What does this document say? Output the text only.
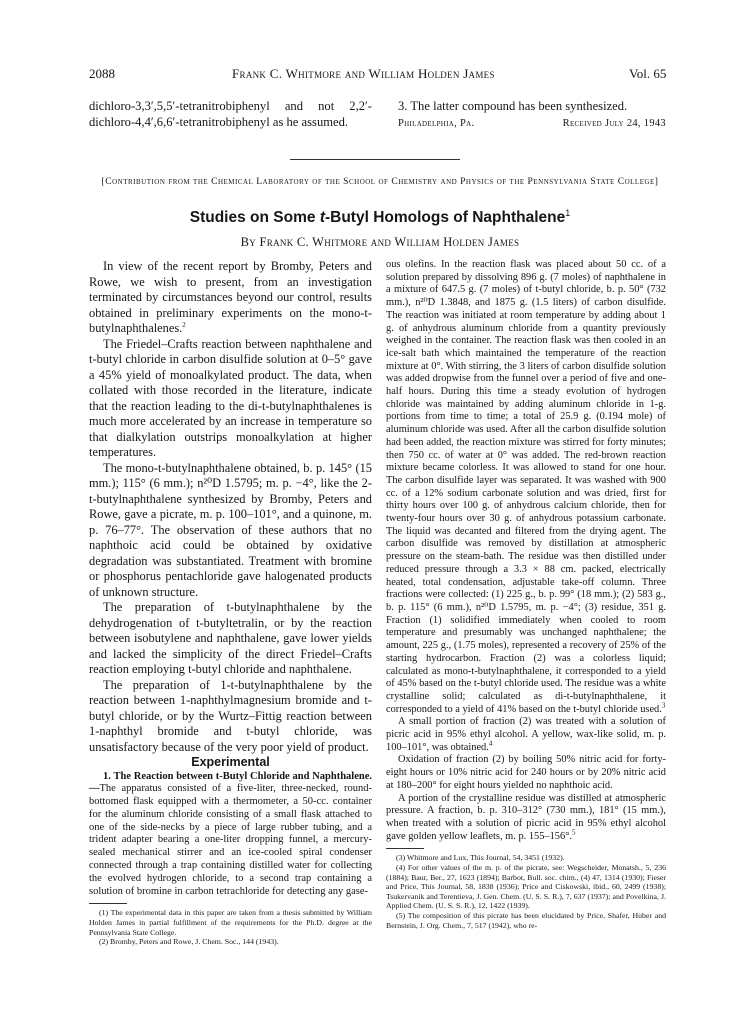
2088	Frank C. Whitmore and William Holden James	Vol. 65

dichloro-3,3′,5,5′-tetranitrobiphenyl and not 2,2′-dichloro-4,4′,6,6′-tetranitrobiphenyl as he assumed.

3. The latter compound has been synthesized.

Philadelphia, Pa.	Received July 24, 1943
[Contribution from the Chemical Laboratory of the School of Chemistry and Physics of the Pennsylvania State College]
Studies on Some t-Butyl Homologs of Naphthalene$^1$
By Frank C. Whitmore and William Holden James

In view of the recent report by Bromby, Peters and Rowe, we wish to present, from an investigation terminated by circumstances beyond our control, results obtained in preliminary experiments on the mono-t-butylnaphthalenes.$^2$

The Friedel–Crafts reaction between naphthalene and t-butyl chloride in carbon disulfide solution at 0–5° gave a 45% yield of monoalkylated product. The data, when collated with those recorded in the literature, indicate that the reaction leading to the di-t-butylnaphthalenes is much more accelerated by an increase in temperature so that dialkylation outstrips monoalkylation at higher temperatures.

The mono-t-butylnaphthalene obtained, b. p. 145° (15 mm.); 115° (6 mm.); n²⁰D 1.5795; m. p. −4°, like the 2-t-butylnaphthalene synthesized by Bromby, Peters and Rowe, gave a picrate, m. p. 100–101°, and a quinone, m. p. 76–77°. The observation of these authors that no naphthoic acid could be obtained by oxidative degradation was substantiated. Treatment with bromine or phosphorus pentachloride gave halogenated products of unknown structure.

The preparation of t-butylnaphthalene by the dehydrogenation of t-butyltetralin, or by the reaction between isobutylene and naphthalene, gave lower yields and lacked the simplicity of the direct Friedel–Crafts reaction employing t-butyl chloride and naphthalene.

The preparation of 1-t-butylnaphthalene by the reaction between 1-naphthylmagnesium bromide and t-butyl chloride, or by the Wurtz–Fittig reaction between 1-naphthyl bromide and t-butyl chloride, was unsatisfactory because of the very poor yield of product.

Experimental

1. The Reaction between t-Butyl Chloride and Naphthalene.—The apparatus consisted of a five-liter, three-necked, round-bottomed flask equipped with a thermometer, a 50-cc. container for the aluminum chloride consisting of a small flask attached to one of the side-necks by a piece of large rubber tubing, and a trident adapter bearing a one-liter dropping funnel, a mercury-sealed mechanical stirrer and an ice-cooled spiral condenser connected through a trap containing distilled water for collecting the evolved hydrogen chloride, to a second trap containing a solution of bromine in carbon tetrachloride for detecting any gase-

(1) The experimental data in this paper are taken from a thesis submitted by William Holden James in partial fulfillment of the requirements for the Ph.D. degree at the Pennsylvania State College.

(2) Bromby, Peters and Rowe, J. Chem. Soc., 144 (1943).

ous olefins. In the reaction flask was placed about 50 cc. of a solution prepared by dissolving 896 g. (7 moles) of naphthalene in a mixture of 647.5 g. (7 moles) of t-butyl chloride, b. p. 50° (732 mm.), n²⁰D 1.3848, and 1875 g. (1.5 liters) of carbon disulfide. The reaction was initiated at room temperature by adding about 1 g. of anhydrous aluminum chloride from a quantity previously weighed in the container. The reaction flask was then cooled in an ice-salt bath which maintained the temperature of the reaction mixture at 0°. With stirring, the 3 liters of carbon disulfide solution was added dropwise from the funnel over a period of five and one-half hours. During this time a steady evolution of hydrogen chloride was maintained by adding aluminum chloride in 1-g. portions from time to time; a total of 25.9 g. (0.194 mole) of aluminum chloride was used. After all the carbon disulfide solution had been added, the reaction mixture was stirred for forty minutes; then 750 cc. of water at 0° was added. The red-brown reaction mixture became colorless. It was allowed to stand for one hour. The carbon disulfide layer was separated. It was washed with 900 cc. of a 12% sodium carbonate solution and was dried, first for thirty hours over 100 g. of anhydrous calcium chloride, then for twenty-four hours over 30 g. of anhydrous potassium carbonate. The liquid was decanted and filtered from the drying agent. The carbon disulfide was removed by distillation at atmospheric pressure on the steam-bath. The residue was then distilled under reduced pressure through a 3.3 × 88 cm. packed, electrically heated, total condensation, adjustable take-off column. Three fractions were collected: (1) 225 g., b. p. 99° (18 mm.); (2) 583 g., b. p. 115° (6 mm.), n²⁰D 1.5795, m. p. −4°; (3) residue, 351 g. Fraction (1) solidified immediately when cooled to room temperature and presumably was unchanged naphthalene; the amount, 225 g., (1.75 moles), represented a recovery of 25% of the starting hydrocarbon. Fraction (2) was a colorless liquid; calculated as mono-t-butylnaphthalene, it corresponded to a yield of 45% based on the t-butyl chloride used. The residue was a white crystalline solid; calculated as di-t-butylnaphthalene, it corresponded to a yield of 41% based on the t-butyl chloride used.$^3$

A small portion of fraction (2) was treated with a solution of picric acid in 95% ethyl alcohol. A yellow, wax-like solid, m. p. 100–101°, was obtained.$^4$

Oxidation of fraction (2) by boiling 50% nitric acid for forty-eight hours or 10% nitric acid for 240 hours or by 20% nitric acid at 180–200° for eight hours yielded no naphthoic acid.

A portion of the crystalline residue was distilled at atmospheric pressure. A fraction, b. p. 310–312° (730 mm.), 181° (15 mm.), when treated with a solution of picric acid in 95% ethyl alcohol gave golden yellow leaflets, m. p. 155–156°.$^5$

(3) Whitmore and Lux, This Journal, 54, 3451 (1932).

(4) For other values of the m. p. of the picrate, see: Wegscheider, Monatsh., 5, 236 (1884); Baur, Ber., 27, 1623 (1894); Barbot, Bull. soc. chim., (4) 47, 1314 (1930); Fieser and Price, This Journal, 58, 1838 (1936); Price and Ciskowski, ibid., 60, 2499 (1938); Tsukervanik and Terentieva, J. Gen. Chem. (U. S. S. R.), 7, 637 (1937); and Povelkina, J. Applied Chem. (U. S. S. R.), 12, 1422 (1939).

(5) The composition of this picrate has been elucidated by Price, Shafer, Huber and Bernstein, J. Org. Chem., 7, 517 (1942), who re-
